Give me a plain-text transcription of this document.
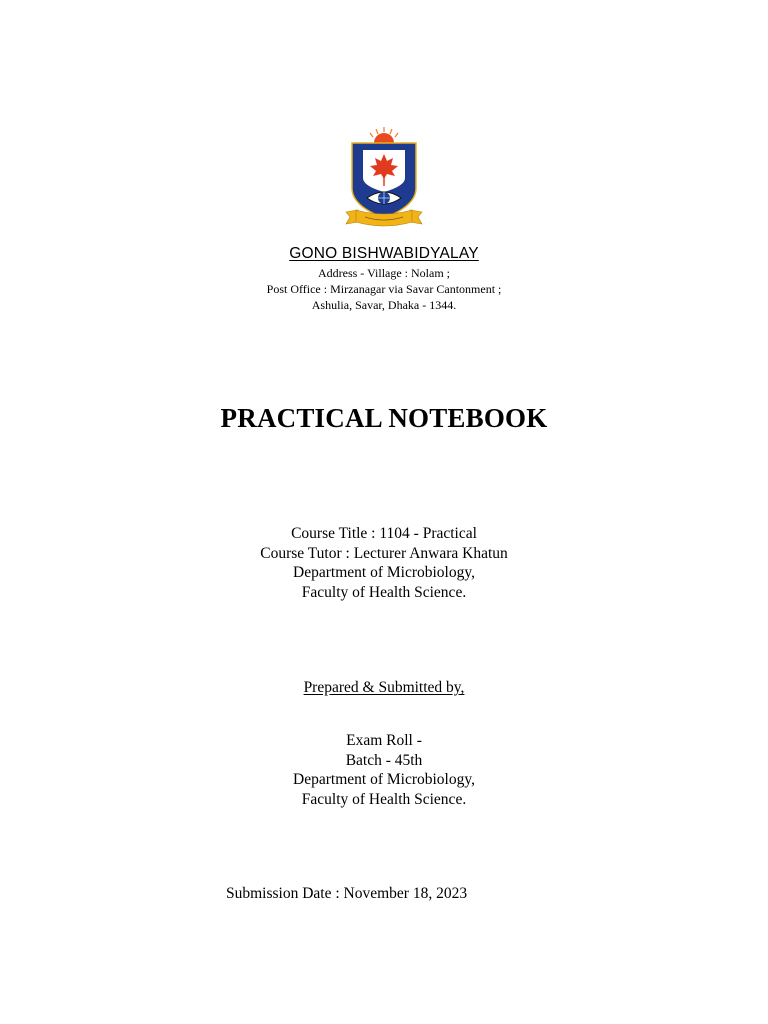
GONO BISHWABIDYALAY
Address - Village : Nolam ;
Post Office : Mirzanagar via Savar Cantonment ;
Ashulia, Savar, Dhaka - 1344.
PRACTICAL NOTEBOOK
Course Title : 1104 - Practical
Course Tutor : Lecturer Anwara Khatun
Department of Microbiology,
Faculty of Health Science.
Prepared & Submitted by,
Exam Roll -
Batch - 45th
Department of Microbiology,
Faculty of Health Science.
Submission Date : November 18, 2023
